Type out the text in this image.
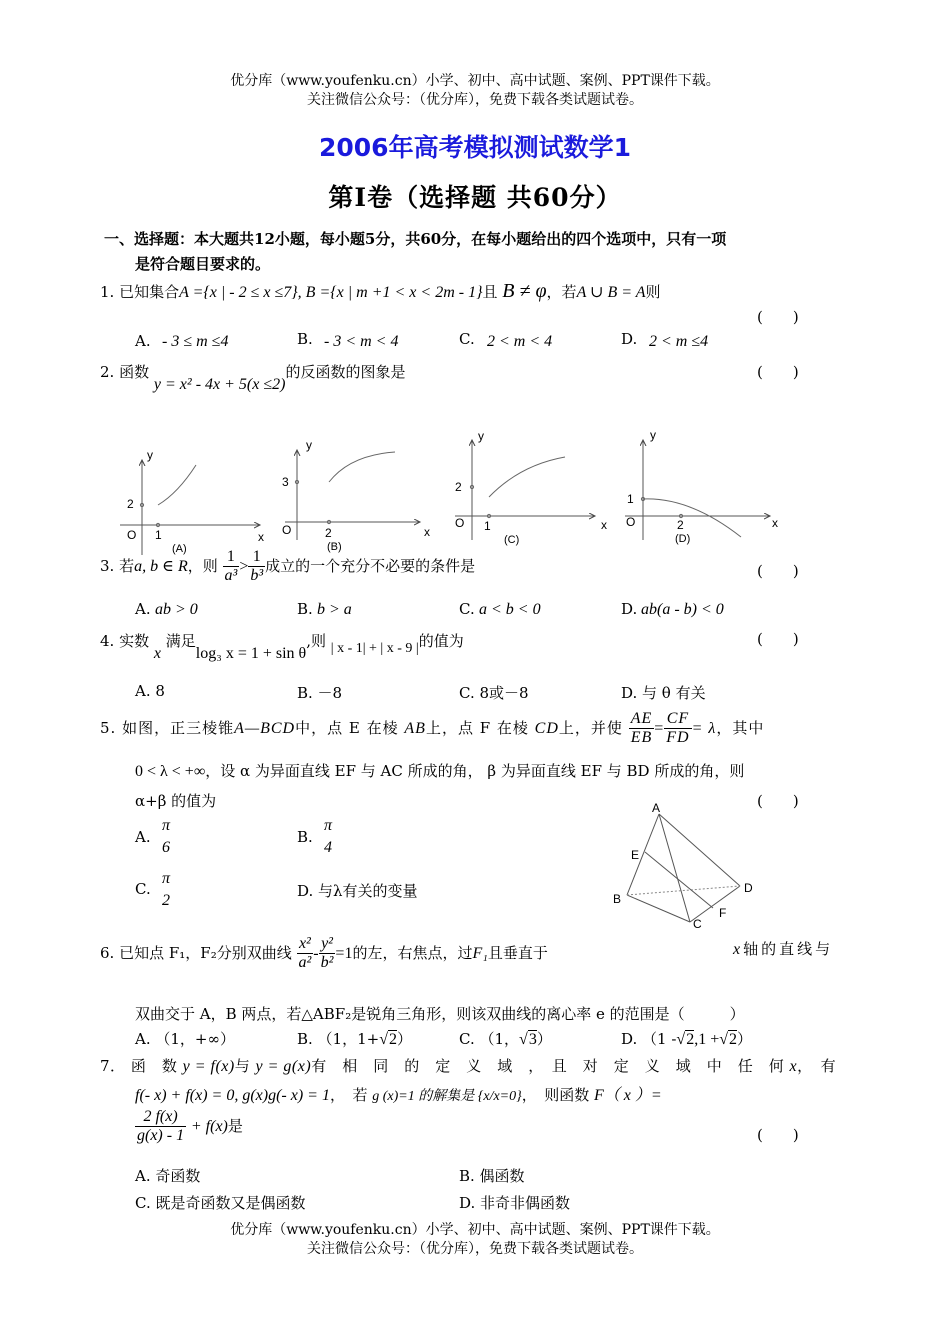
优分库（www.youfenku.cn）小学、初中、高中试题、案例、PPT课件下载。
关注微信公众号：（优分库），免费下载各类试题试卷。
2006年高考模拟测试数学1
第Ⅰ卷（选择题 共60分）
一、选择题：本大题共12小题，每小题5分，共60分，在每小题给出的四个选项中，只有一项
是符合题目要求的。
1. 已知集合A ={x | - 2 ≤ x ≤7}, B ={x | m +1 < x < 2m - 1}且 B ≠ φ，若A ∪ B = A则
(　　)
A. - 3 ≤ m ≤4	B. - 3 < m < 4	C. 2 < m < 4	D. 2 < m ≤4
2. 函数 y = x² - 4x + 5(x ≤2)的反函数的图象是	(　　)
y
x
2
1
O
(A)
y
x
3
2
O
(B)
y
x
2
1
O
(C)
y
x
1
2
O
(D)
3. 若a, b ∈ R，则 $\frac{1}{\text{a³}} > \frac{1}{\text{b³}}$ 成立的一个充分不必要的条件是	(　　)
A. ab > 0	B. b > a	C. a < b < 0	D. ab(a - b) < 0
4. 实数 x 满足log₃ x = 1 + sin θ,则 | x - 1| + | x - 9 |的值为	(　　)
A. 8	B. －8	C. 8或－8	D. 与 θ 有关
5. 如图，正三棱锥A—BCD中，点 E 在棱 AB上，点 F 在棱 CD上，并使 $\frac{AE}{EB} = \frac{CF}{FD} = \lambda$，其中
0 < λ < +∞，设 α 为异面直线 EF 与 AC 所成的角， β 为异面直线 EF 与 BD 所成的角，则
α+β 的值为	(　　)
A.
π
6
B.
π
4
C.
π
2
D. 与λ有关的变量
A
E
B
C
D
F
6. 已知点 F₁，F₂分别双曲线 $\frac{\text{x²}}{\text{a²}} - \frac{\text{y²}}{\text{b²}} =1$的左，右焦点，过F₁且垂直于	x轴的直线与
双曲交于 A，B 两点，若△ABF₂是锐角三角形，则该双曲线的离心率 e 的范围是（　　　）
A. （1，+∞）	B. （1，1+√2）	C. （1，√3）	D. （1 -√2,1 +√2）
7． 函　数 y = f(x)与 y = g(x)有　相　同　的　定　义　域　，　且　对　定　义　域　中　任　何 x，　有
f(- x) + f(x) = 0, g(x)g(- x) = 1，　若 g (x)=1 的解集是 {x/x=0}，　则函数 F（ x ）=
$\frac{2 f(x)}{g(x) - 1} + f(x)$是
(　　)
A. 奇函数	B. 偶函数
C. 既是奇函数又是偶函数	D. 非奇非偶函数
优分库（www.youfenku.cn）小学、初中、高中试题、案例、PPT课件下载。
关注微信公众号：（优分库），免费下载各类试题试卷。
